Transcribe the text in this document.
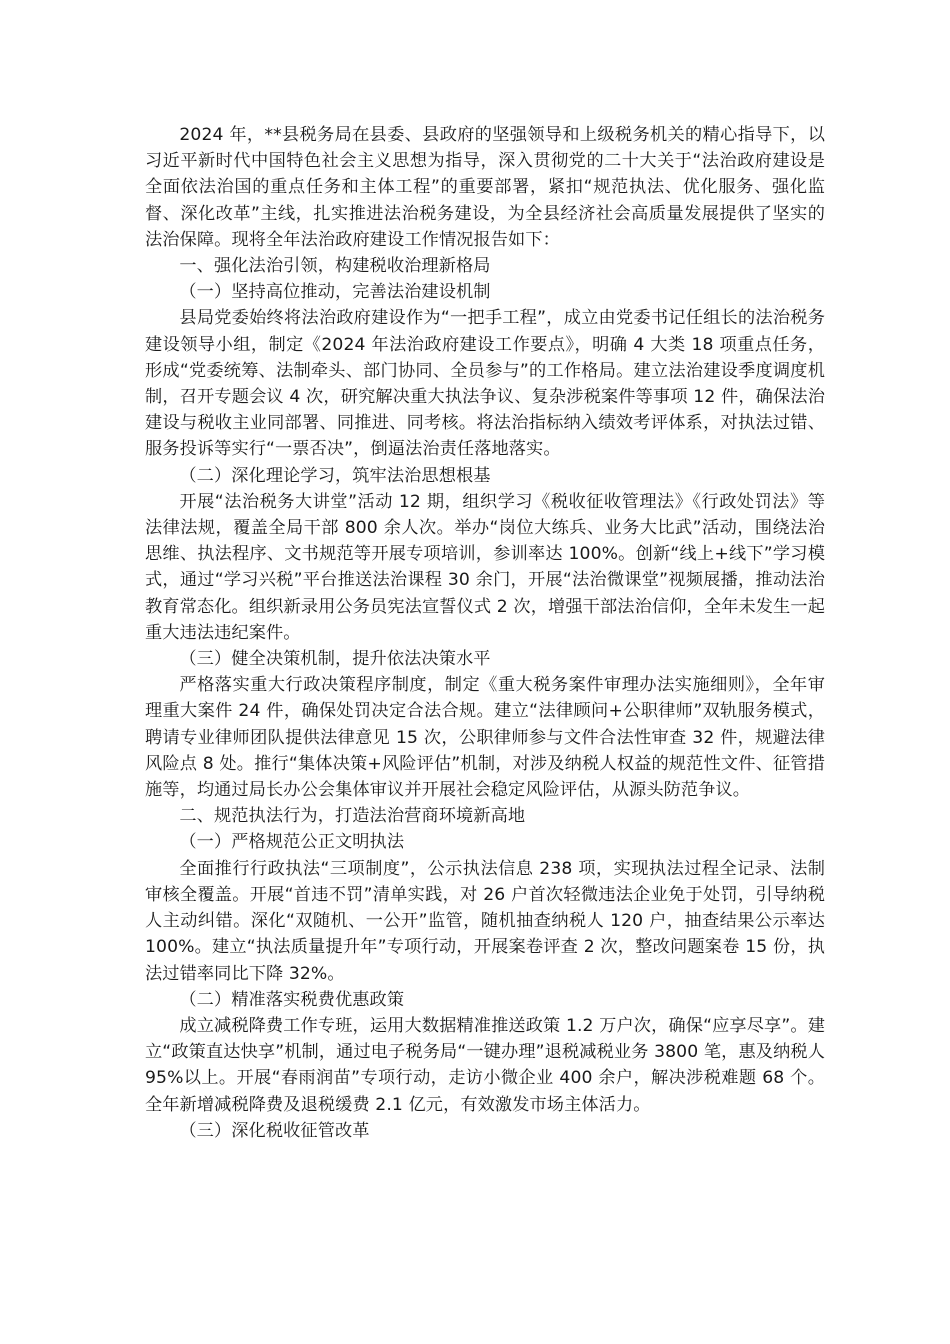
2024 年，**县税务局在县委、县政府的坚强领导和上级税务机关的精心指导下，以习近平新时代中国特色社会主义思想为指导，深入贯彻党的二十大关于“法治政府建设是全面依法治国的重点任务和主体工程”的重要部署，紧扣“规范执法、优化服务、强化监督、深化改革”主线，扎实推进法治税务建设，为全县经济社会高质量发展提供了坚实的法治保障。现将全年法治政府建设工作情况报告如下：

一、强化法治引领，构建税收治理新格局

（一）坚持高位推动，完善法治建设机制

县局党委始终将法治政府建设作为“一把手工程”，成立由党委书记任组长的法治税务建设领导小组，制定《2024 年法治政府建设工作要点》，明确 4 大类 18 项重点任务，形成“党委统筹、法制牵头、部门协同、全员参与”的工作格局。建立法治建设季度调度机制，召开专题会议 4 次，研究解决重大执法争议、复杂涉税案件等事项 12 件，确保法治建设与税收主业同部署、同推进、同考核。将法治指标纳入绩效考评体系，对执法过错、服务投诉等实行“一票否决”，倒逼法治责任落地落实。

（二）深化理论学习，筑牢法治思想根基

开展“法治税务大讲堂”活动 12 期，组织学习《税收征收管理法》《行政处罚法》等法律法规，覆盖全局干部 800 余人次。举办“岗位大练兵、业务大比武”活动，围绕法治思维、执法程序、文书规范等开展专项培训，参训率达 100%。创新“线上+线下”学习模式，通过“学习兴税”平台推送法治课程 30 余门，开展“法治微课堂”视频展播，推动法治教育常态化。组织新录用公务员宪法宣誓仪式 2 次，增强干部法治信仰，全年未发生一起重大违法违纪案件。

（三）健全决策机制，提升依法决策水平

严格落实重大行政决策程序制度，制定《重大税务案件审理办法实施细则》，全年审理重大案件 24 件，确保处罚决定合法合规。建立“法律顾问+公职律师”双轨服务模式，聘请专业律师团队提供法律意见 15 次，公职律师参与文件合法性审查 32 件，规避法律风险点 8 处。推行“集体决策+风险评估”机制，对涉及纳税人权益的规范性文件、征管措施等，均通过局长办公会集体审议并开展社会稳定风险评估，从源头防范争议。

二、规范执法行为，打造法治营商环境新高地

（一）严格规范公正文明执法

全面推行行政执法“三项制度”，公示执法信息 238 项，实现执法过程全记录、法制审核全覆盖。开展“首违不罚”清单实践，对 26 户首次轻微违法企业免于处罚，引导纳税人主动纠错。深化“双随机、一公开”监管，随机抽查纳税人 120 户，抽查结果公示率达 100%。建立“执法质量提升年”专项行动，开展案卷评查 2 次，整改问题案卷 15 份，执法过错率同比下降 32%。

（二）精准落实税费优惠政策

成立减税降费工作专班，运用大数据精准推送政策 1.2 万户次，确保“应享尽享”。建立“政策直达快享”机制，通过电子税务局“一键办理”退税减税业务 3800 笔，惠及纳税人 95%以上。开展“春雨润苗”专项行动，走访小微企业 400 余户，解决涉税难题 68 个。全年新增减税降费及退税缓费 2.1 亿元，有效激发市场主体活力。

（三）深化税收征管改革
